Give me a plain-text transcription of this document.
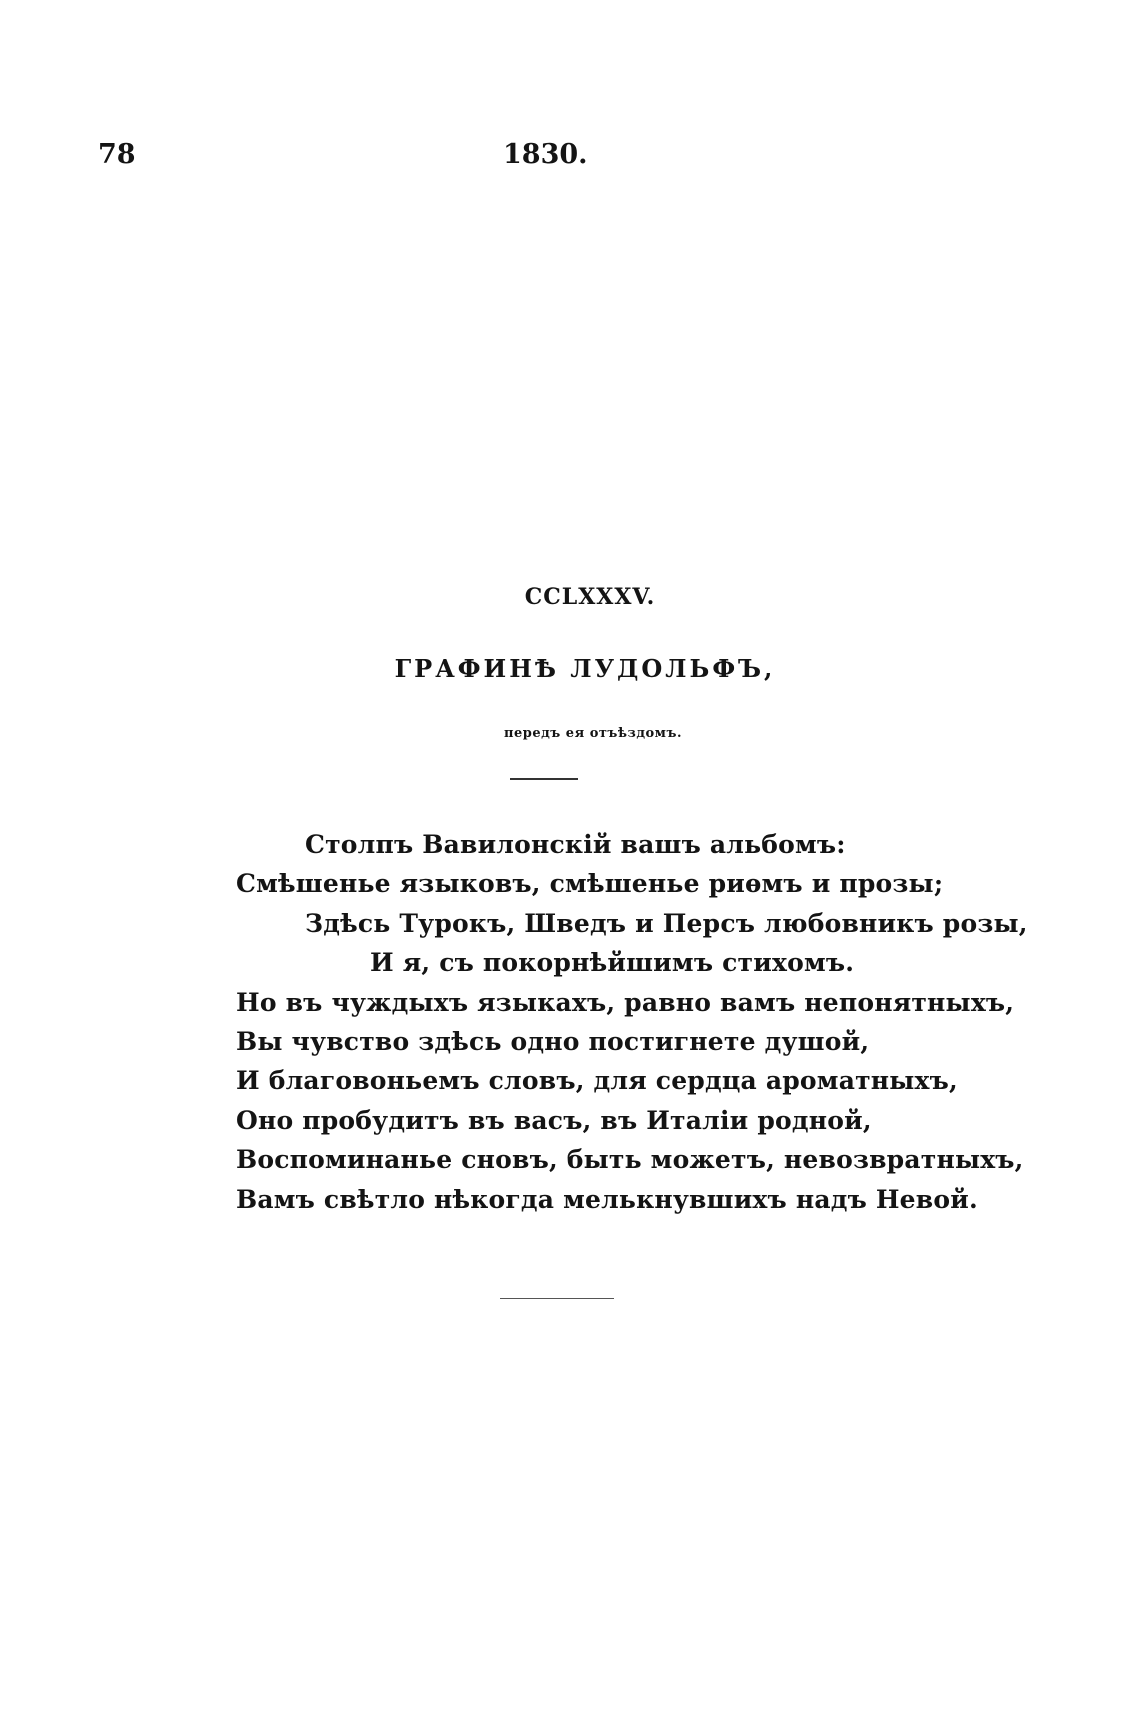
78	1830.
CCLXXXV.
ГРАФИНѢ ЛУДОЛЬФЪ,
передъ ея отъѣздомъ.
Столпъ Вавилонскій вашъ альбомъ:
Смѣшенье языковъ, смѣшенье риѳмъ и прозы;
Здѣсь Турокъ, Шведъ и Персъ любовникъ розы,
И я, съ покорнѣйшимъ стихомъ.
Но въ чуждыхъ языкахъ, равно вамъ непонятныхъ,
Вы чувство здѣсь одно постигнете душой,
И благовоньемъ словъ, для сердца ароматныхъ,
Оно пробудитъ въ васъ, въ Италіи родной,
Воспоминанье сновъ, быть можетъ, невозвратныхъ,
Вамъ свѣтло нѣкогда мелькнувшихъ надъ Невой.
